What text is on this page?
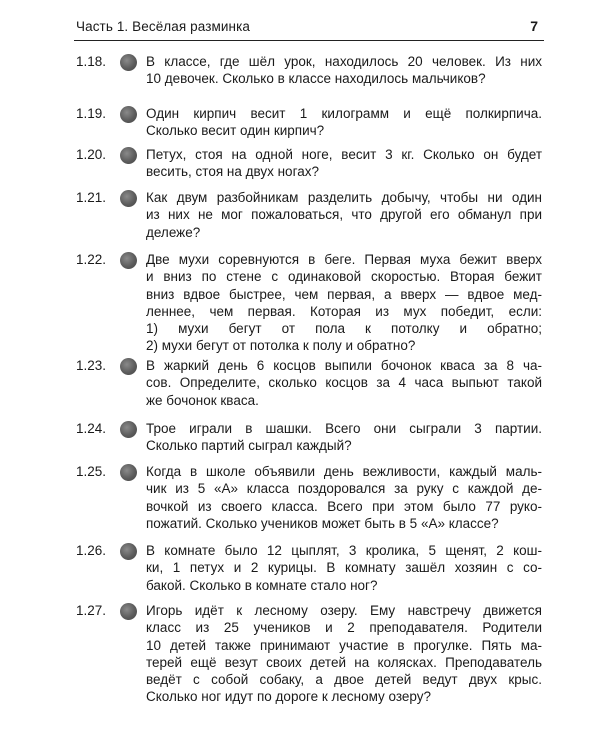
Часть 1. Весёлая разминка	7
1.18.	В классе, где шёл урок, находилось 20 человек. Из них
10 девочек. Сколько в классе находилось мальчиков?
1.19.	Один кирпич весит 1 килограмм и ещё полкирпича.
Сколько весит один кирпич?
1.20.	Петух, стоя на одной ноге, весит 3 кг. Сколько он будет
весить, стоя на двух ногах?
1.21.	Как двум разбойникам разделить добычу, чтобы ни один
из них не мог пожаловаться, что другой его обманул при
дележе?
1.22.	Две мухи соревнуются в беге. Первая муха бежит вверх
и вниз по стене с одинаковой скоростью. Вторая бежит
вниз вдвое быстрее, чем первая, а вверх — вдвое мед-
леннее, чем первая. Которая из мух победит, если:
1) мухи бегут от пола к потолку и обратно;
2) мухи бегут от потолка к полу и обратно?
1.23.	В жаркий день 6 косцов выпили бочонок кваса за 8 ча-
сов. Определите, сколько косцов за 4 часа выпьют такой
же бочонок кваса.
1.24.	Трое играли в шашки. Всего они сыграли 3 партии.
Сколько партий сыграл каждый?
1.25.	Когда в школе объявили день вежливости, каждый маль-
чик из 5 «А» класса поздоровался за руку с каждой де-
вочкой из своего класса. Всего при этом было 77 руко-
пожатий. Сколько учеников может быть в 5 «А» классе?
1.26.	В комнате было 12 цыплят, 3 кролика, 5 щенят, 2 кош-
ки, 1 петух и 2 курицы. В комнату зашёл хозяин с со-
бакой. Сколько в комнате стало ног?
1.27.	Игорь идёт к лесному озеру. Ему навстречу движется
класс из 25 учеников и 2 преподавателя. Родители
10 детей также принимают участие в прогулке. Пять ма-
терей ещё везут своих детей на колясках. Преподаватель
ведёт с собой собаку, а двое детей ведут двух крыс.
Сколько ног идут по дороге к лесному озеру?
